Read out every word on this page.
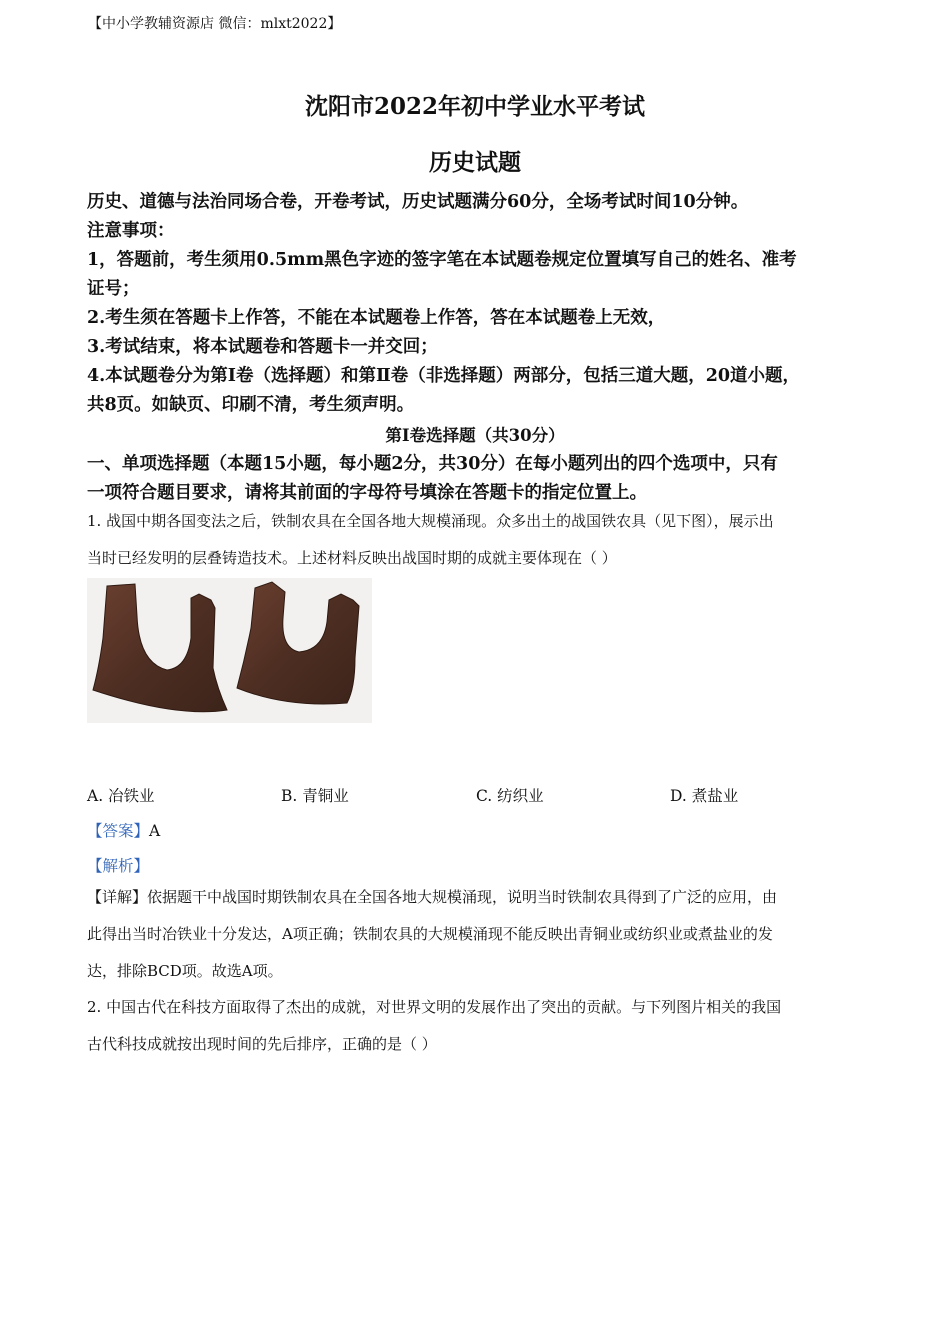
【中小学教辅资源店 微信：mlxt2022】
沈阳市2022年初中学业水平考试
历史试题
历史、道德与法治同场合卷，开卷考试，历史试题满分60分，全场考试时间10分钟。
注意事项：
1，答题前，考生须用0.5mm黑色字迹的签字笔在本试题卷规定位置填写自己的姓名、准考
证号；
2.考生须在答题卡上作答，不能在本试题卷上作答，答在本试题卷上无效，
3.考试结束，将本试题卷和答题卡一并交回；
4.本试题卷分为第I卷（选择题）和第Ⅱ卷（非选择题）两部分，包括三道大题，20道小题，
共8页。如缺页、印刷不清，考生须声明。
第I卷选择题（共30分）
一、单项选择题（本题15小题，每小题2分，共30分）在每小题列出的四个选项中，只有
一项符合题目要求，请将其前面的字母符号填涂在答题卡的指定位置上。
1. 战国中期各国变法之后，铁制农具在全国各地大规模涌现。众多出土的战国铁农具（见下图），展示出
当时已经发明的层叠铸造技术。上述材料反映出战国时期的成就主要体现在（ ）
A. 冶铁业	B. 青铜业	C. 纺织业	D. 煮盐业
【答案】A
【解析】
【详解】依据题干中战国时期铁制农具在全国各地大规模涌现，说明当时铁制农具得到了广泛的应用，由
此得出当时冶铁业十分发达，A项正确；铁制农具的大规模涌现不能反映出青铜业或纺织业或煮盐业的发
达，排除BCD项。故选A项。
2. 中国古代在科技方面取得了杰出的成就，对世界文明的发展作出了突出的贡献。与下列图片相关的我国
古代科技成就按出现时间的先后排序，正确的是（ ）
